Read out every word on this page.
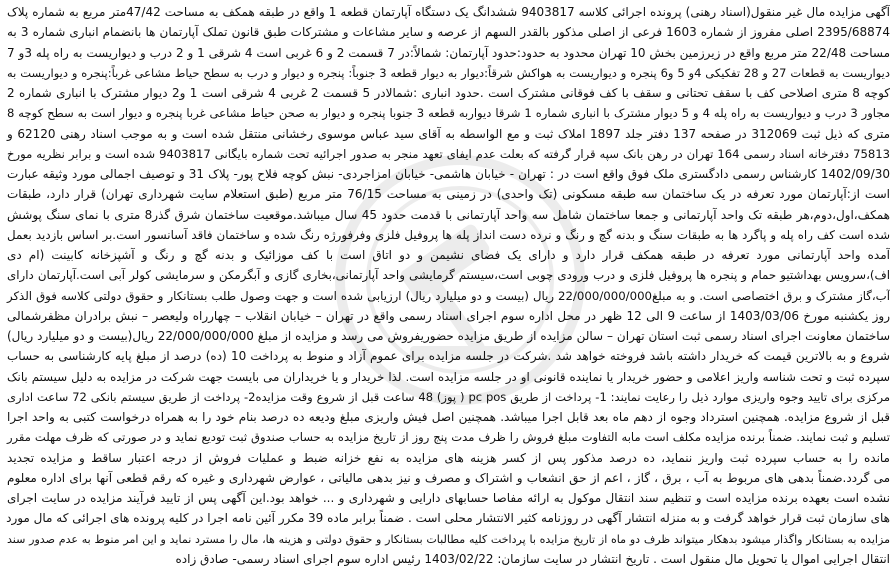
آگهی مزایده مال غیر منقول(اسناد رهنی) پرونده اجرائی کلاسه 9403817 ششدانگ یک دستگاه آپارتمان قطعه 1 واقع در طبقه همکف به مساحت 47/42متر مربع به شماره پلاک
2395/68874 اصلی مفروز از شماره 1603 فرعی از اصلی مذکور بالقدر السهم از عرصه و سایر مشاعات و مشترکات طبق قانون تملک آپارتمان ها بانضمام انباری شماره 3 به
مساحت 22/48 متر مربع واقع در زیرزمین بخش 10 تهران محدود به حدود:حدود آپارتمان: شمالاً:در 7 قسمت 2 و 6 غربی است 4 شرقی 1 و 2 درب و دیواریست به راه پله 3و 7
دیواریست به قطعات 27 و 28 تفکیکی 4و 5 و6 پنجره و دیواریست به هواکش شرقاً:دیوار به دیوار قطعه 3 جنوباً: پنجره و دیوار و درب به سطح حیاط مشاعی غرباً:پنجره و دیواریست به
کوچه 8 متری اصلاحی کف با سقف تحتانی و سقف با کف فوقانی مشترک است .حدود انباری :شمالادر 5 قسمت 2 غربی 4 شرقی است 1 و2 دیوار مشترک با انباری شماره 2
مجاور 3 درب و دیواریست به راه پله 4 و 5 دیوار مشترک با انباری شماره 1 شرقا دیواربه قطعه 3 جنوبا پنجره و دیوار به صحن حیاط مشاعی غربا پنجره و دیوار است به سطح کوچه 8
متری که ذیل ثبت 312069 در صفحه 137 دفتر جلد 1897 املاک ثبت و مع الواسطه به آقای سید عباس موسوی رخشانی منتقل شده است و به موجب اسناد رهنی 62120 و
75813 دفترخانه اسناد رسمی 164 تهران در رهن بانک سپه قرار گرفته که بعلت عدم ایفای تعهد منجر به صدور اجرائیه تحت شماره بایگانی 9403817 شده است و برابر نظریه مورخ
1402/09/30 کارشناس رسمی دادگستری ملک فوق واقع است در : تهران - خیابان هاشمی- خیابان امزاجردی- نبش کوچه فلاح پور- پلاک 31 و توصیف اجمالی مورد وثیقه عبارت
است از:آپارتمان مورد تعرفه در یک ساختمان سه طبقه مسکونی (تک واحدی) در زمینی به مساحت 76/15 متر مربع (طبق استعلام سایت شهرداری تهران) قرار دارد، طبقات
همکف،اول،دوم،هر طبقه تک واحد آپارتمانی و جمعا ساختمان شامل سه واحد آپارتمانی با قدمت حدود 45 سال میباشد.موقعیت ساختمان شرق گذر8 متری با نمای سنگ پوشش
شده است کف راه پله و پاگرد ها به طبقات سنگ و بدنه گچ و رنگ و نرده دست انداز پله ها پروفیل فلزی وفرفورژه رنگ شده و ساختمان فاقد آسانسور است.بر اساس بازدید بعمل
آمده واحد آپارتمانی مورد تعرفه در طبقه همکف قرار دارد و دارای یک فضای نشیمن و دو اتاق است با کف موزائیک و بدنه گچ و رنگ و آشپزخانه کابینت (ام دی
اف)،سرویس بهداشتیو حمام و پنجره ها پروفیل فلزی و درب ورودی چوبی است،سیستم گرمایشی واحد آپارتمانی،بخاری گازی و آبگرمکن و سرمایشی کولر آبی است.آپارتمان دارای
آب،گاز مشترک و برق اختصاصی است. و به مبلغ22/000/000/000 ریال (بیست و دو میلیارد ریال) ارزیابی شده است و جهت وصول طلب بستانکار و حقوق دولتی کلاسه فوق الذکر
روز یکشنبه مورخ 1403/03/06 از ساعت 9 الی 12 ظهر در محل اداره سوم اجرای اسناد رسمی واقع در تهران – خیابان انقلاب – چهارراه ولیعصر – نبش برادران مظفرشمالی
ساختمان معاونت اجرای اسناد رسمی ثبت استان تهران – سالن مزایده از طریق مزایده حضوریفروش می رسد و مزایده از مبلغ 22/000/000/000 ریال(بیست و دو میلیارد ریال)
شروع و به بالاترین قیمت که خریدار داشته باشد فروخته خواهد شد .شرکت در جلسه مزایده برای عموم آزاد و منوط به پرداخت 10 (ده) درصد از مبلغ پایه کارشناسی به حساب
سپرده ثبت و تحت شناسه واریز اعلامی و حضور خریدار یا نماینده قانونی او در جلسه مزایده است. لذا خریدار و یا خریداران می بایست جهت شرکت در مزایده به دلیل سیستم بانک
مرکزی برای تایید وجوه واریزی موارد ذیل را رعایت نمایند: 1- پرداخت از طریق pc pos ( پوز) 48 ساعت قبل از شروع وقت مزایده2- پرداخت از طریق سیستم بانکی 72 ساعت اداری
قبل از شروع مزایده. همچنین استرداد وجوه از دهم ماه بعد قابل اجرا میباشد. همچنین اصل فیش واریزی مبلغ ودیعه ده درصد بنام خود را به همراه درخواست کتبی به واحد اجرا
تسلیم و ثبت نمایند. ضمناً برنده مزایده مکلف است مابه التفاوت مبلغ فروش را ظرف مدت پنج روز از تاریخ مزایده به حساب صندوق ثبت تودیع نماید و در صورتی که ظرف مهلت مقرر
مانده را به حساب سپرده ثبت واریز ننماید، ده درصد مذکور پس از کسر هزینه های مزایده به نفع خزانه ضبط و عملیات فروش از درجه اعتبار ساقط و مزایده تجدید
می گردد.ضمناً بدهی های مربوط به آب ، برق ، گاز ، اعم از حق انشعاب و اشتراک و مصرف و نیز بدهی مالیاتی ، عوارض شهرداری و غیره که رقم قطعی آنها برای اداره معلوم
نشده است بعهده برنده مزایده است و تنظیم سند انتقال موکول به ارائه مفاصا حسابهای دارایی و شهرداری و ... خواهد بود.این آگهی پس از تایید فرآیند مزایده در سایت اجرای
های سازمان ثبت قرار خواهد گرفت و به منزله انتشار آگهی در روزنامه کثیر الانتشار محلی است . ضمناً برابر ماده 39 مکرر آئین نامه اجرا در کلیه پرونده های اجرائی که مال مورد
مزایده به بستانکار واگذار میشود بدهکار میتواند ظرف دو ماه از تاریخ مزایده با پرداخت کلیه مطالبات بستانکار و حقوق دولتی و هزینه ها، مال را مسترد نماید و این امر منوط به عدم صدور سند
انتقال اجرایی اموال یا تحویل مال منقول است . تاریخ انتشار در سایت سازمان: 1403/02/22 رئیس اداره سوم اجرای اسناد رسمی- صادق زاده
